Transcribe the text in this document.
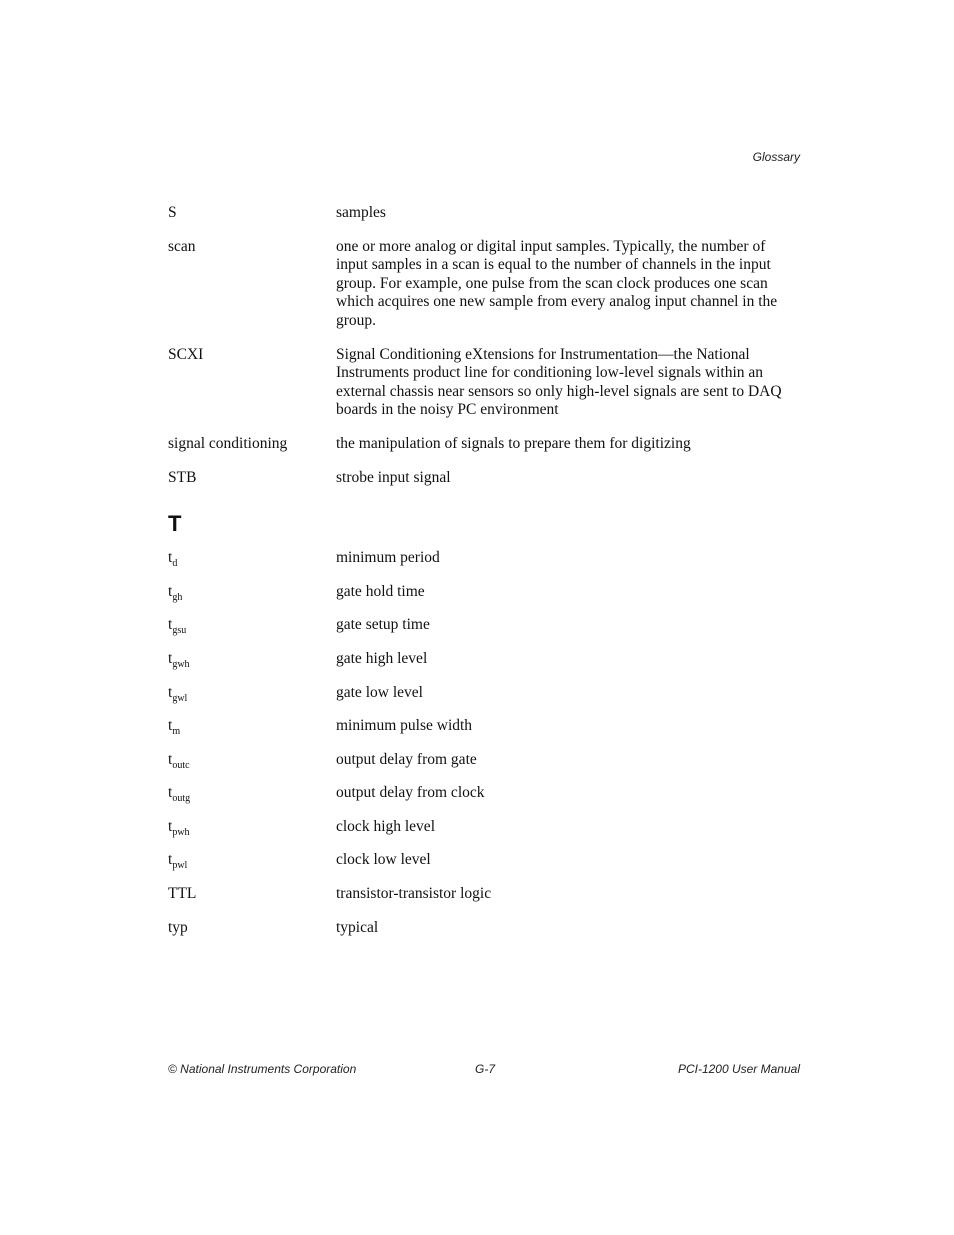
Glossary
S	samples
scan	one or more analog or digital input samples. Typically, the number of input samples in a scan is equal to the number of channels in the input group. For example, one pulse from the scan clock produces one scan which acquires one new sample from every analog input channel in the group.
SCXI	Signal Conditioning eXtensions for Instrumentation—the National Instruments product line for conditioning low-level signals within an external chassis near sensors so only high-level signals are sent to DAQ boards in the noisy PC environment
signal conditioning	the manipulation of signals to prepare them for digitizing
STB	strobe input signal
T
$t_d$	minimum period
$t_{gh}$	gate hold time
$t_{gsu}$	gate setup time
$t_{gwh}$	gate high level
$t_{gwl}$	gate low level
$t_m$	minimum pulse width
$t_{outc}$	output delay from gate
$t_{outg}$	output delay from clock
$t_{pwh}$	clock high level
$t_{pwl}$	clock low level
TTL	transistor-transistor logic
typ	typical
© National Instruments Corporation	G-7	PCI-1200 User Manual
